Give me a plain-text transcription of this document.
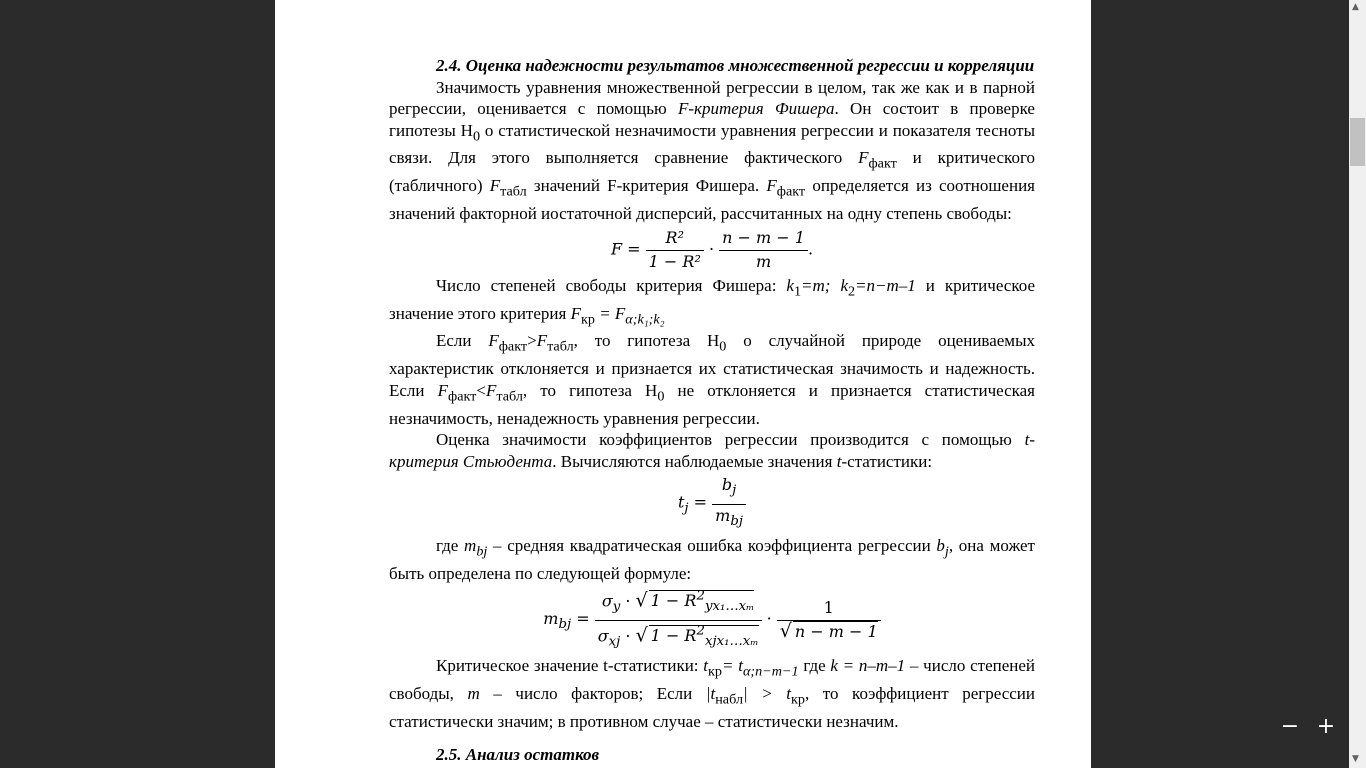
2.4. Оценка надежности результатов множественной регрессии и корреляции

Значимость уравнения множественной регрессии в целом, так же как и в парной регрессии, оценивается с помощью F-критерия Фишера. Он состоит в проверке гипотезы $H_0$ о статистической незначимости уравнения регрессии и показателя тесноты связи. Для этого выполняется сравнение фактического $F_{факт}$ и критического (табличного) $F_{табл}$ значений F-критерия Фишера. $F_{факт}$ определяется из соотношения значений факторной иостаточной дисперсий, рассчитанных на одну степень свободы:

$F = \frac{\text{R²}}{\text{1 − R²}} \cdot \frac{n - m - 1}{m}$ .

Число степеней свободы критерия Фишера: $k_1=m$; $k_2=n-m-1$ и критическое значение этого критерия $F_{кр} = F_{\alpha;k_1;k_2}$

Если $F_{факт}>F_{табл}$, то гипотеза $H_0$ о случайной природе оцениваемых характеристик отклоняется и признается их статистическая значимость и надежность. Если $F_{факт}<F_{табл}$, то гипотеза $H_0$ не отклоняется и признается статистическая незначимость, ненадежность уравнения регрессии.

Оценка значимости коэффициентов регрессии производится с помощью t-критерия Стьюдента. Вычисляются наблюдаемые значения t-статистики:

$t_j = \frac{b_j}{m_{bj}}$

где $m_{bj}$ – средняя квадратическая ошибка коэффициента регрессии $b_j$, она может быть определена по следующей формуле:

$m_{bj} = \frac{\sigma_y \cdot √ 1 - R^2_{yx_1\dots x_m}}{\sigma_{xj} \cdot √ 1 - R^2_{xjx_1\dots x_m}} \cdot \frac{1}{√ n - m - 1}$

Критическое значение t-статистики: $t_{кр}= t_{\alpha;n-m-1}$ где k = n–m–1 – число степеней свободы, m – число факторов; Если $|t_{набл}| > t_{кр}$, то коэффициент регрессии статистически значим; в противном случае – статистически незначим.

2.5. Анализ остатков

▲
▼
− +
